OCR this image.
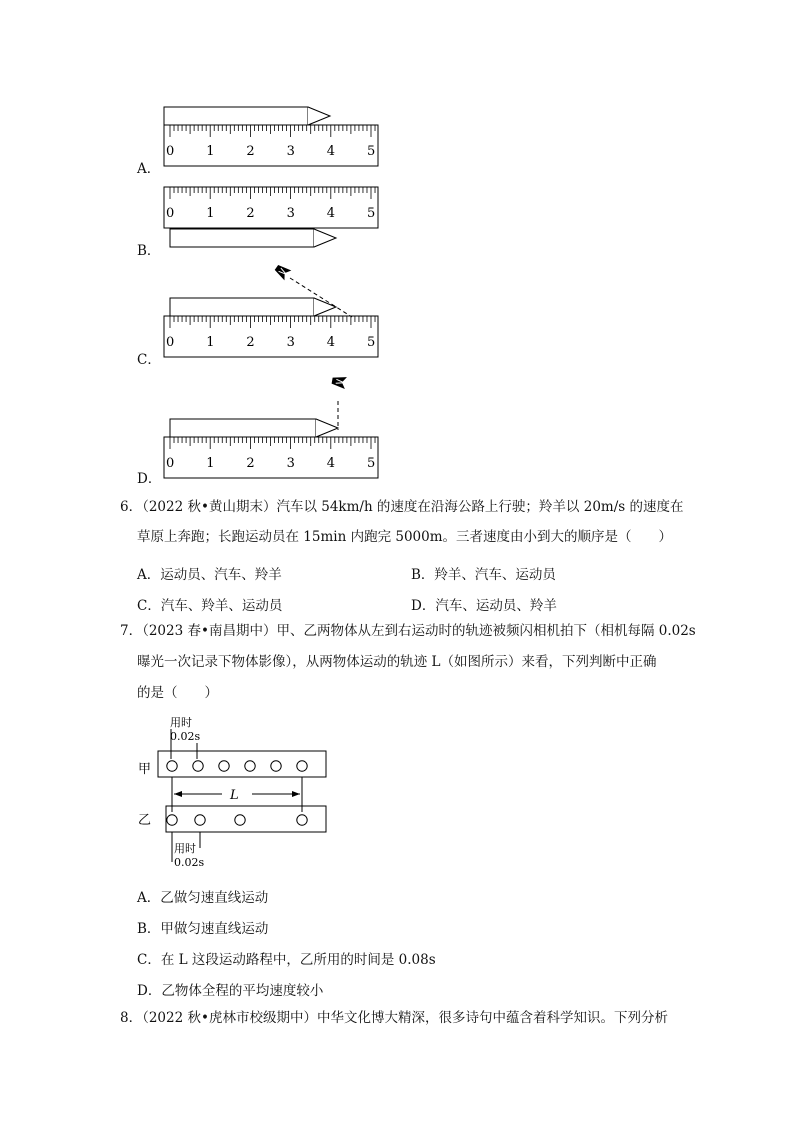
A．
B．
C．
D．
0 1 2 3 4 5
0 1 2 3 4 5
0 1 2 3 4 5
0 1 2 3 4 5
6．（2022 秋•黄山期末）汽车以 54km/h 的速度在沿海公路上行驶；羚羊以 20m/s 的速度在
草原上奔跑；长跑运动员在 15min 内跑完 5000m。三者速度由小到大的顺序是（　　）
A．运动员、汽车、羚羊	B．羚羊、汽车、运动员
C．汽车、羚羊、运动员	D．汽车、运动员、羚羊
7．（2023 春•南昌期中）甲、乙两物体从左到右运动时的轨迹被频闪相机拍下（相机每隔 0.02s
曝光一次记录下物体影像），从两物体运动的轨迹 L（如图所示）来看，下列判断中正确
的是（　　）
用时
0.02s
甲
L
乙
用时
0.02s
A．乙做匀速直线运动
B．甲做匀速直线运动
C．在 L 这段运动路程中，乙所用的时间是 0.08s
D．乙物体全程的平均速度较小
8．（2022 秋•虎林市校级期中）中华文化博大精深，很多诗句中蕴含着科学知识。下列分析
